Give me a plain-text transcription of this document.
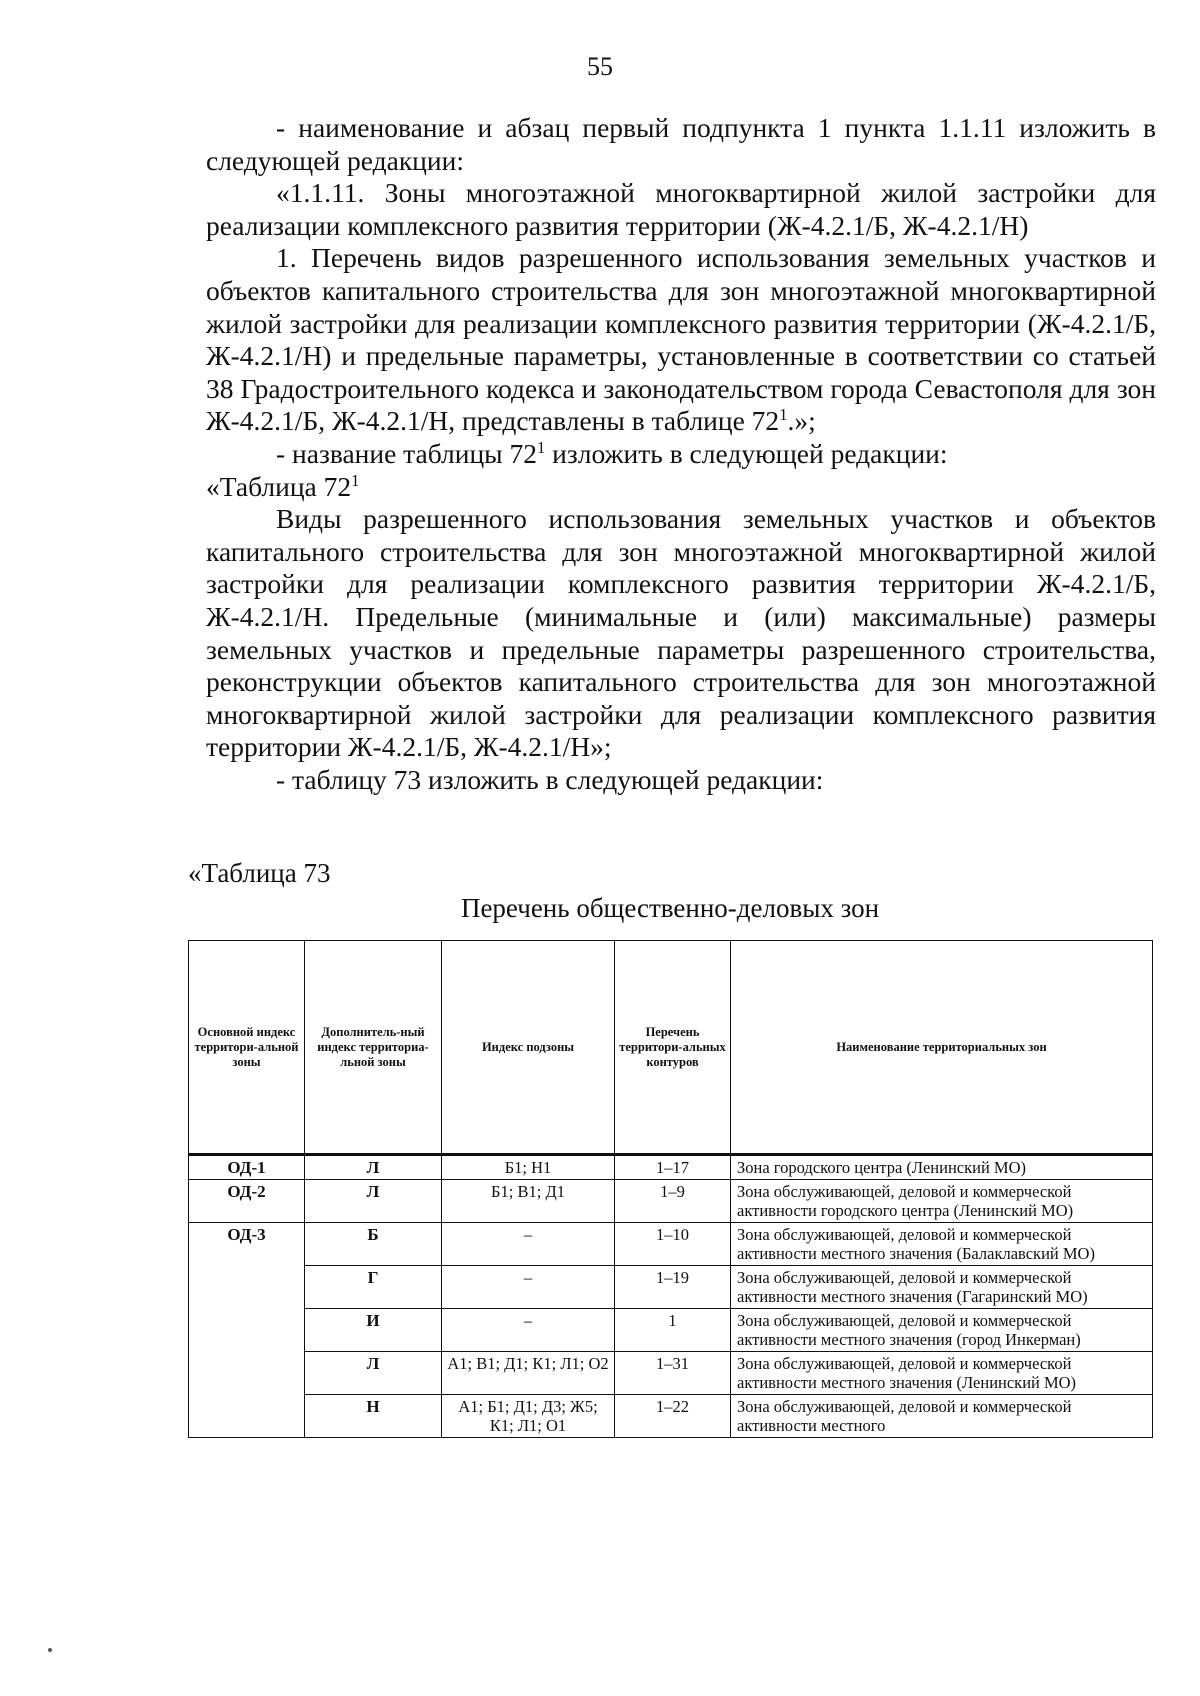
55

- наименование и абзац первый подпункта 1 пункта 1.1.11 изложить в следующей редакции:

«1.1.11. Зоны многоэтажной многоквартирной жилой застройки для реализации комплексного развития территории (Ж-4.2.1/Б, Ж-4.2.1/Н)

1. Перечень видов разрешенного использования земельных участков и объектов капитального строительства для зон многоэтажной многоквартирной жилой застройки для реализации комплексного развития территории (Ж-4.2.1/Б, Ж-4.2.1/Н) и предельные параметры, установленные в соответствии со статьей 38 Градостроительного кодекса и законодательством города Севастополя для зон Ж-4.2.1/Б, Ж-4.2.1/Н, представлены в таблице $72^1$.»;

- название таблицы $72^1$ изложить в следующей редакции:

«Таблица $72^1$

Виды разрешенного использования земельных участков и объектов капитального строительства для зон многоэтажной многоквартирной жилой застройки для реализации комплексного развития территории Ж-4.2.1/Б, Ж-4.2.1/Н. Предельные (минимальные и (или) максимальные) размеры земельных участков и предельные параметры разрешенного строительства, реконструкции объектов капитального строительства для зон многоэтажной многоквартирной жилой застройки для реализации комплексного развития территории Ж-4.2.1/Б, Ж-4.2.1/Н»;

- таблицу 73 изложить в следующей редакции:

«Таблица 73
Перечень общественно-деловых зон
Основной индекс территори-альной зоны	Дополнитель-ный индекс территориа-льной зоны	Индекс подзоны	Перечень территори-альных контуров	Наименование территориальных зон
ОД-1	Л	Б1; Н1	1–17	Зона городского центра (Ленинский МО)
ОД-2	Л	Б1; В1; Д1	1–9	Зона обслуживающей, деловой и коммерческой активности городского центра (Ленинский МО)
ОД-3	Б	–	1–10	Зона обслуживающей, деловой и коммерческой активности местного значения (Балаклавский МО)
	Г	–	1–19	Зона обслуживающей, деловой и коммерческой активности местного значения (Гагаринский МО)
	И	–	1	Зона обслуживающей, деловой и коммерческой активности местного значения (город Инкерман)
	Л	А1; В1; Д1; К1; Л1; О2	1–31	Зона обслуживающей, деловой и коммерческой активности местного значения (Ленинский МО)
	Н	А1; Б1; Д1; Д3; Ж5; К1; Л1; О1	1–22	Зона обслуживающей, деловой и коммерческой активности местного
